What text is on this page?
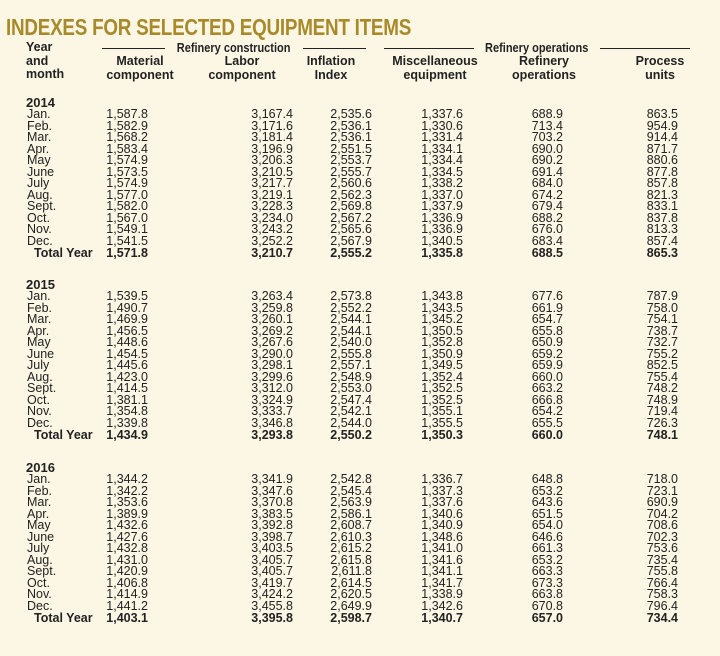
INDEXES FOR SELECTED EQUIPMENT ITEMS
Refinery construction	Refinery operations
Year
and
month
Material
component
Labor
component
Inflation
Index
Miscellaneous
equipment
Refinery
operations
Process
units
2014
Jan.	1,587.8	3,167.4	2,535.6	1,337.6	688.9	863.5
Feb.	1,582.9	3,171.6	2,536.1	1,330.6	713.4	954.9
Mar.	1,568.2	3,181.4	2,536.1	1,331.4	703.2	914.4
Apr.	1,583.4	3,196.9	2,551.5	1,334.1	690.0	871.7
May	1,574.9	3,206.3	2,553.7	1,334.4	690.2	880.6
June	1,573.5	3,210.5	2,555.7	1,334.5	691.4	877.8
July	1,574.9	3,217.7	2,560.6	1,338.2	684.0	857.8
Aug.	1,577.0	3,219.1	2,562.3	1,337.0	674.2	821.3
Sept.	1,582.0	3,228.3	2,569.8	1,337.9	679.4	833.1
Oct.	1,567.0	3,234.0	2,567.2	1,336.9	688.2	837.8
Nov.	1,549.1	3,243.2	2,565.6	1,336.9	676.0	813.3
Dec.	1,541.5	3,252.2	2,567.9	1,340.5	683.4	857.4
Total Year 1,571.8	3,210.7	2,555.2	1,335.8	688.5	865.3
2015
Jan.	1,539.5	3,263.4	2,573.8	1,343.8	677.6	787.9
Feb.	1,490.7	3,259.8	2,552.2	1,343.5	661.9	758.0
Mar.	1,469.9	3,260.1	2,544.1	1,345.2	654.7	754.1
Apr.	1,456.5	3,269.2	2,544.1	1,350.5	655.8	738.7
May	1,448.6	3,267.6	2,540.0	1,352.8	650.9	732.7
June	1,454.5	3,290.0	2,555.8	1,350.9	659.2	755.2
July	1,445.6	3,298.1	2,557.1	1,349.5	659.9	852.5
Aug.	1,423.0	3,299.6	2,548.9	1,352.4	660.0	755.4
Sept.	1,414.5	3,312.0	2,553.0	1,352.5	663.2	748.2
Oct.	1,381.1	3,324.9	2,547.4	1,352.5	666.8	748.9
Nov.	1,354.8	3,333.7	2,542.1	1,355.1	654.2	719.4
Dec.	1,339.8	3,346.8	2,544.0	1,355.5	655.5	726.3
Total Year 1,434.9	3,293.8	2,550.2	1,350.3	660.0	748.1
2016
Jan.	1,344.2	3,341.9	2,542.8	1,336.7	648.8	718.0
Feb.	1,342.2	3,347.6	2,545.4	1,337.3	653.2	723.1
Mar.	1,353.6	3,370.8	2,563.9	1,337.6	643.6	690.9
Apr.	1,389.9	3,383.5	2,586.1	1,340.6	651.5	704.2
May	1,432.6	3,392.8	2,608.7	1,340.9	654.0	708.6
June	1,427.6	3,398.7	2,610.3	1,348.6	646.6	702.3
July	1,432.8	3,403.5	2,615.2	1,341.0	661.3	753.6
Aug.	1,431.0	3,405.7	2,615.8	1,341.6	653.2	735.4
Sept.	1,420.9	3,405.7	2,611.8	1,341.1	663.3	755.8
Oct.	1,406.8	3,419.7	2,614.5	1,341.7	673.3	766.4
Nov.	1,414.9	3,424.2	2,620.5	1,338.9	663.8	758.3
Dec.	1,441.2	3,455.8	2,649.9	1,342.6	670.8	796.4
Total Year 1,403.1	3,395.8	2,598.7	1,340.7	657.0	734.4
